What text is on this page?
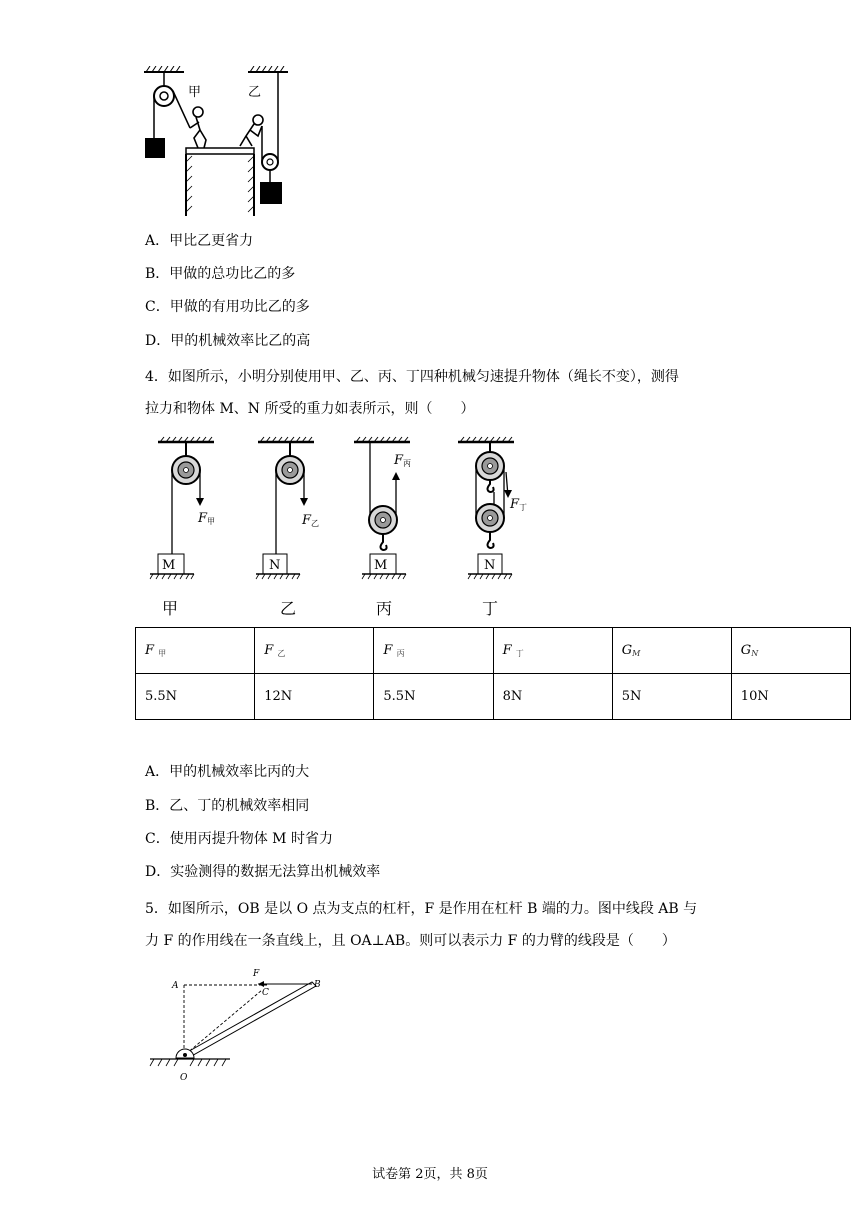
甲	乙
A．甲比乙更省力
B．甲做的总功比乙的多
C．甲做的有用功比乙的多
D．甲的机械效率比乙的高
4．如图所示，小明分别使用甲、乙、丙、丁四种机械匀速提升物体（绳长不变），测得
拉力和物体 M、N 所受的重力如表所示，则（　　）
F 甲
M
甲
F 乙
N
乙
F 丙
M
丙
F 丁
N
丁
F $_甲$	F $_乙$	F $_丙$	F $_丁$	$G_M$	$G_N$
5.5N	12N	5.5N	8N	5N	10N
A．甲的机械效率比丙的大
B．乙、丁的机械效率相同
C．使用丙提升物体 M 时省力
D．实验测得的数据无法算出机械效率
5．如图所示，OB 是以 O 点为支点的杠杆，F 是作用在杠杆 B 端的力。图中线段 AB 与
力 F 的作用线在一条直线上，且 OA⊥AB。则可以表示力 F 的力臂的线段是（　　）
A
F
C
B
O
试卷第 2页，共 8页
